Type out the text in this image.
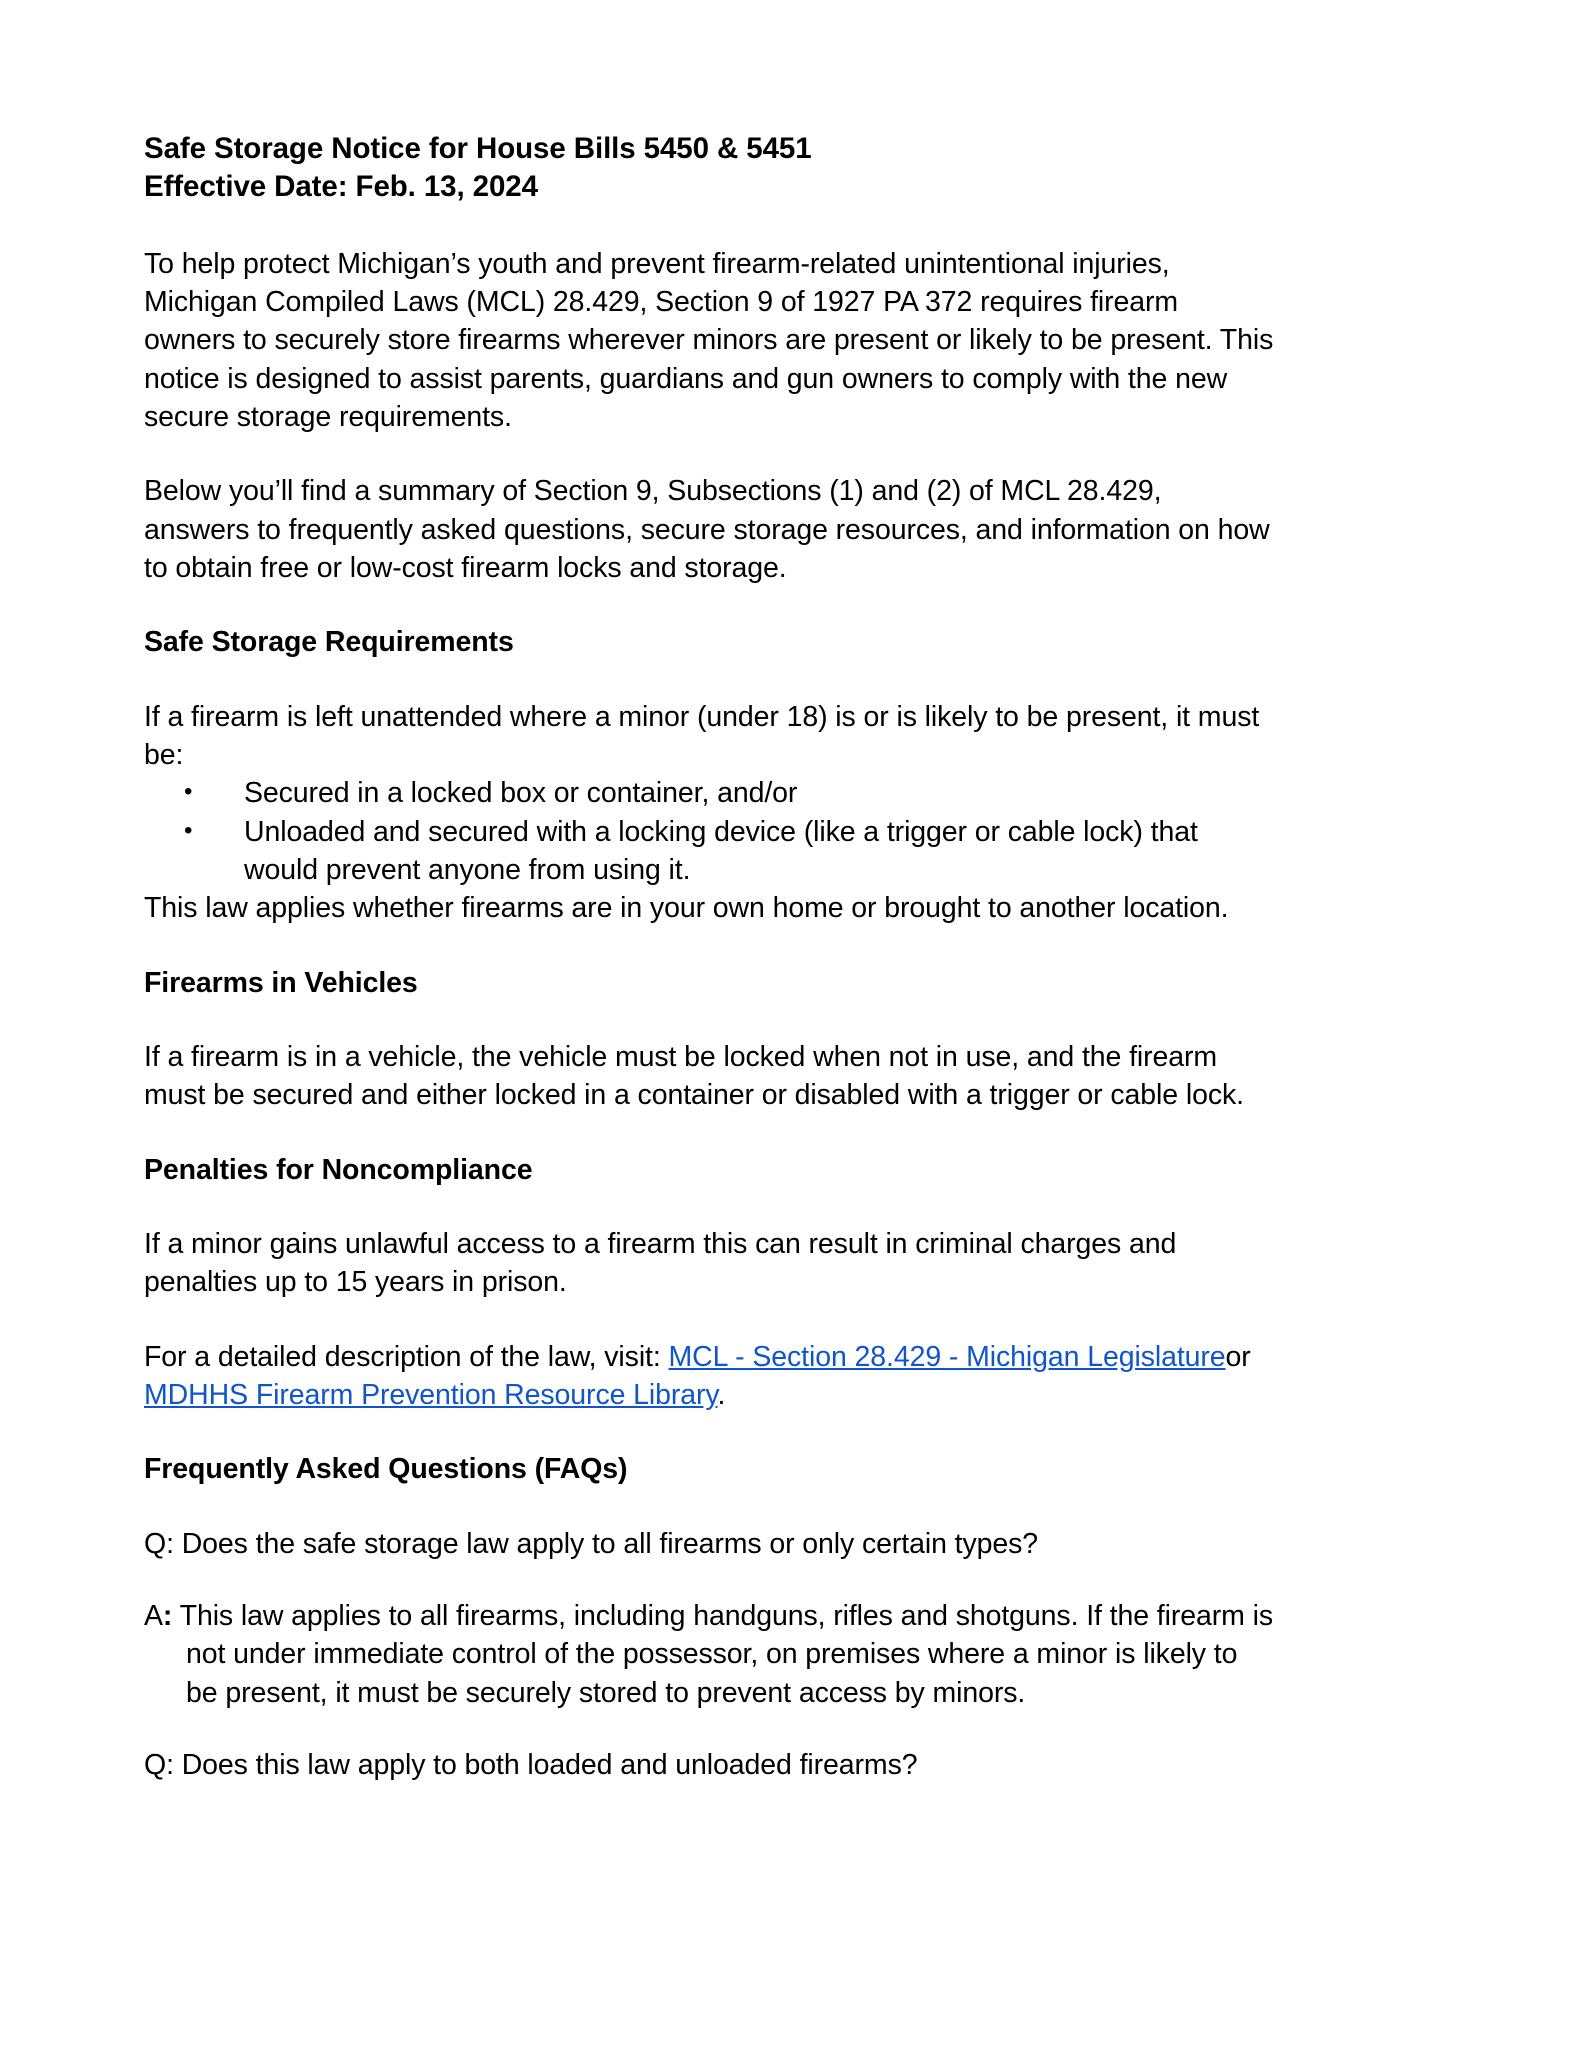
Safe Storage Notice for House Bills 5450 & 5451
Effective Date: Feb. 13, 2024

To help protect Michigan’s youth and prevent firearm-related unintentional injuries, Michigan Compiled Laws (MCL) 28.429, Section 9 of 1927 PA 372 requires firearm owners to securely store firearms wherever minors are present or likely to be present. This notice is designed to assist parents, guardians and gun owners to comply with the new secure storage requirements.

Below you’ll find a summary of Section 9, Subsections (1) and (2) of MCL 28.429, answers to frequently asked questions, secure storage resources, and information on how to obtain free or low-cost firearm locks and storage.

Safe Storage Requirements

If a firearm is left unattended where a minor (under 18) is or is likely to be present, it must be:

• Secured in a locked box or container, and/or
• Unloaded and secured with a locking device (like a trigger or cable lock) that would prevent anyone from using it.

This law applies whether firearms are in your own home or brought to another location.

Firearms in Vehicles

If a firearm is in a vehicle, the vehicle must be locked when not in use, and the firearm must be secured and either locked in a container or disabled with a trigger or cable lock.

Penalties for Noncompliance

If a minor gains unlawful access to a firearm this can result in criminal charges and penalties up to 15 years in prison.

For a detailed description of the law, visit: MCL - Section 28.429 - Michigan Legislatureor MDHHS Firearm Prevention Resource Library.

Frequently Asked Questions (FAQs)

Q: Does the safe storage law apply to all firearms or only certain types?

A: This law applies to all firearms, including handguns, rifles and shotguns. If the firearm is not under immediate control of the possessor, on premises where a minor is likely to be present, it must be securely stored to prevent access by minors.

Q: Does this law apply to both loaded and unloaded firearms?
